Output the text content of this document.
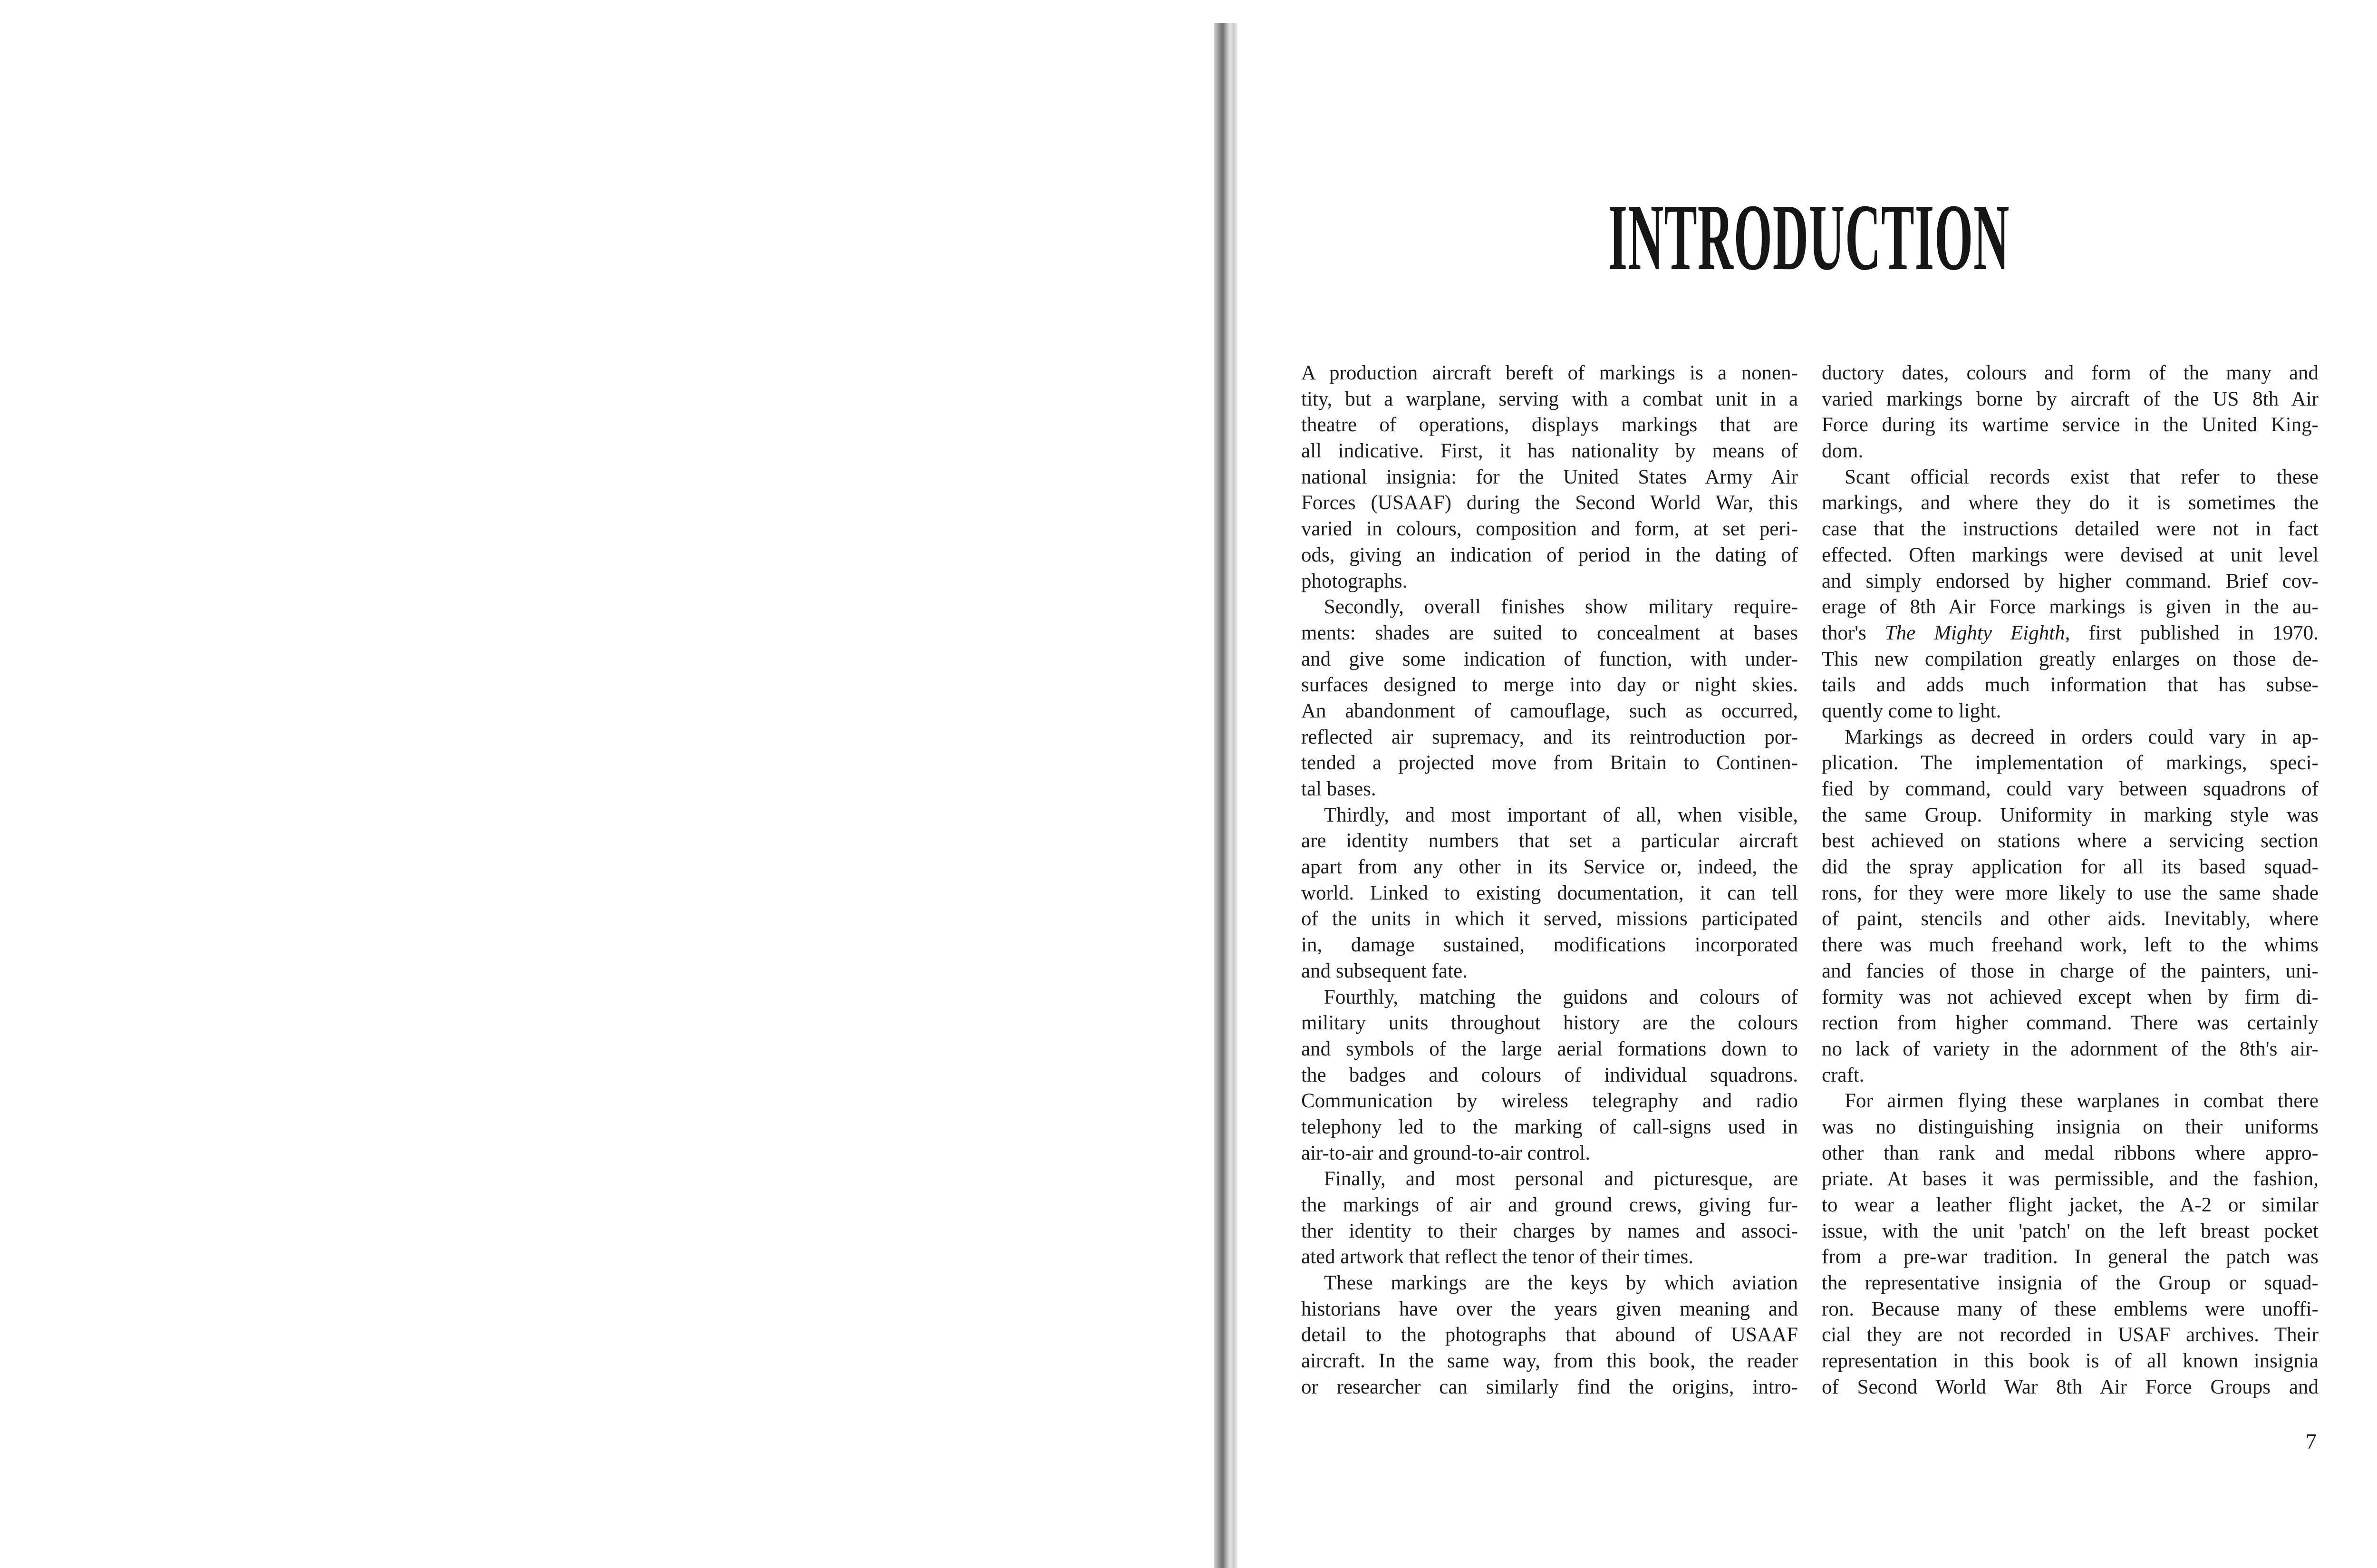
INTRODUCTION
A production aircraft bereft of markings is a nonen-
tity, but a warplane, serving with a combat unit in a
theatre of operations, displays markings that are
all indicative. First, it has nationality by means of
national insignia: for the United States Army Air
Forces (USAAF) during the Second World War, this
varied in colours, composition and form, at set peri-
ods, giving an indication of period in the dating of
photographs.
Secondly, overall finishes show military require-
ments: shades are suited to concealment at bases
and give some indication of function, with under-
surfaces designed to merge into day or night skies.
An abandonment of camouflage, such as occurred,
reflected air supremacy, and its reintroduction por-
tended a projected move from Britain to Continen-
tal bases.
Thirdly, and most important of all, when visible,
are identity numbers that set a particular aircraft
apart from any other in its Service or, indeed, the
world. Linked to existing documentation, it can tell
of the units in which it served, missions participated
in, damage sustained, modifications incorporated
and subsequent fate.
Fourthly, matching the guidons and colours of
military units throughout history are the colours
and symbols of the large aerial formations down to
the badges and colours of individual squadrons.
Communication by wireless telegraphy and radio
telephony led to the marking of call-signs used in
air-to-air and ground-to-air control.
Finally, and most personal and picturesque, are
the markings of air and ground crews, giving fur-
ther identity to their charges by names and associ-
ated artwork that reflect the tenor of their times.
These markings are the keys by which aviation
historians have over the years given meaning and
detail to the photographs that abound of USAAF
aircraft. In the same way, from this book, the reader
or researcher can similarly find the origins, intro-
ductory dates, colours and form of the many and
varied markings borne by aircraft of the US 8th Air
Force during its wartime service in the United King-
dom.
Scant official records exist that refer to these
markings, and where they do it is sometimes the
case that the instructions detailed were not in fact
effected. Often markings were devised at unit level
and simply endorsed by higher command. Brief cov-
erage of 8th Air Force markings is given in the au-
thor's The Mighty Eighth, first published in 1970.
This new compilation greatly enlarges on those de-
tails and adds much information that has subse-
quently come to light.
Markings as decreed in orders could vary in ap-
plication. The implementation of markings, speci-
fied by command, could vary between squadrons of
the same Group. Uniformity in marking style was
best achieved on stations where a servicing section
did the spray application for all its based squad-
rons, for they were more likely to use the same shade
of paint, stencils and other aids. Inevitably, where
there was much freehand work, left to the whims
and fancies of those in charge of the painters, uni-
formity was not achieved except when by firm di-
rection from higher command. There was certainly
no lack of variety in the adornment of the 8th's air-
craft.
For airmen flying these warplanes in combat there
was no distinguishing insignia on their uniforms
other than rank and medal ribbons where appro-
priate. At bases it was permissible, and the fashion,
to wear a leather flight jacket, the A-2 or similar
issue, with the unit 'patch' on the left breast pocket
from a pre-war tradition. In general the patch was
the representative insignia of the Group or squad-
ron. Because many of these emblems were unoffi-
cial they are not recorded in USAF archives. Their
representation in this book is of all known insignia
of Second World War 8th Air Force Groups and
7
